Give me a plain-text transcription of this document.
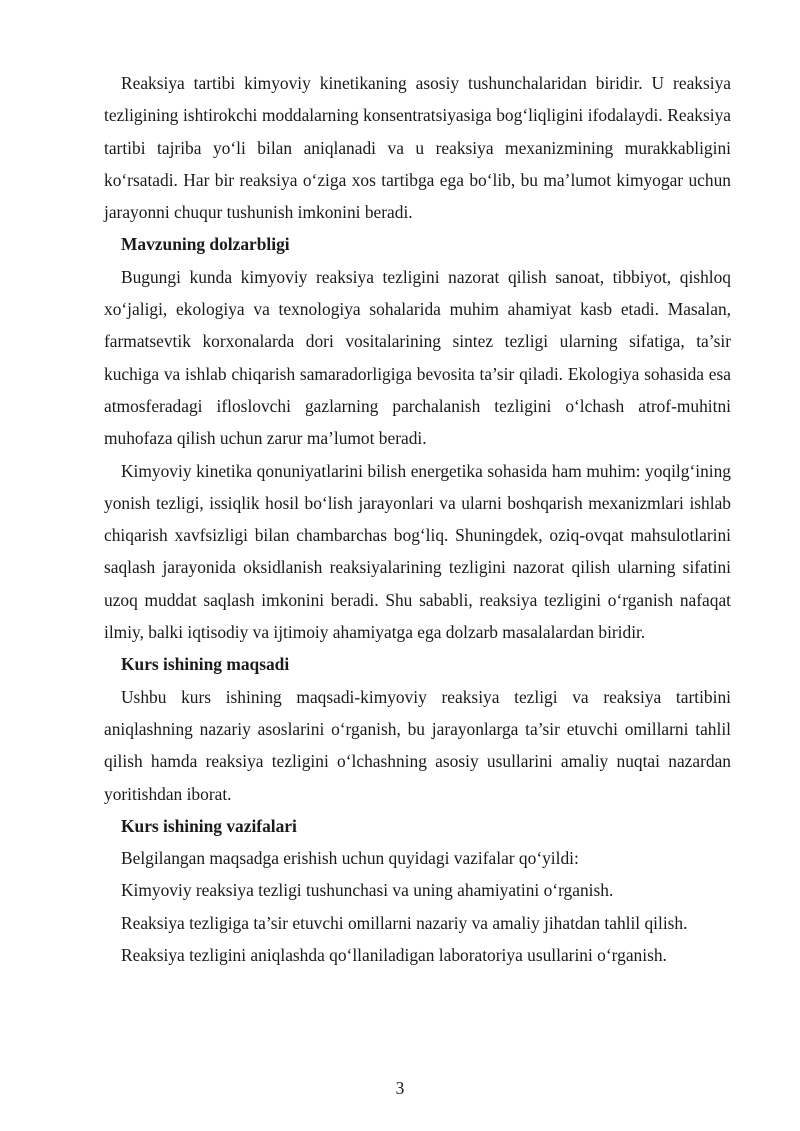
Reaksiya tartibi kimyoviy kinetikaning asosiy tushunchalaridan biridir. U reaksiya tezligining ishtirokchi moddalarning konsentratsiyasiga bog‘liqligini ifodalaydi. Reaksiya tartibi tajriba yo‘li bilan aniqlanadi va u reaksiya mexanizmining murakkabligini ko‘rsatadi. Har bir reaksiya o‘ziga xos tartibga ega bo‘lib, bu ma’lumot kimyogar uchun jarayonni chuqur tushunish imkonini beradi.

Mavzuning dolzarbligi

Bugungi kunda kimyoviy reaksiya tezligini nazorat qilish sanoat, tibbiyot, qishloq xo‘jaligi, ekologiya va texnologiya sohalarida muhim ahamiyat kasb etadi. Masalan, farmatsevtik korxonalarda dori vositalarining sintez tezligi ularning sifatiga, ta’sir kuchiga va ishlab chiqarish samaradorligiga bevosita ta’sir qiladi. Ekologiya sohasida esa atmosferadagi ifloslovchi gazlarning parchalanish tezligini o‘lchash atrof-muhitni muhofaza qilish uchun zarur ma’lumot beradi.

Kimyoviy kinetika qonuniyatlarini bilish energetika sohasida ham muhim: yoqilg‘ining yonish tezligi, issiqlik hosil bo‘lish jarayonlari va ularni boshqarish mexanizmlari ishlab chiqarish xavfsizligi bilan chambarchas bog‘liq. Shuningdek, oziq-ovqat mahsulotlarini saqlash jarayonida oksidlanish reaksiyalarining tezligini nazorat qilish ularning sifatini uzoq muddat saqlash imkonini beradi. Shu sababli, reaksiya tezligini o‘rganish nafaqat ilmiy, balki iqtisodiy va ijtimoiy ahamiyatga ega dolzarb masalalardan biridir.

Kurs ishining maqsadi

Ushbu kurs ishining maqsadi-kimyoviy reaksiya tezligi va reaksiya tartibini aniqlashning nazariy asoslarini o‘rganish, bu jarayonlarga ta’sir etuvchi omillarni tahlil qilish hamda reaksiya tezligini o‘lchashning asosiy usullarini amaliy nuqtai nazardan yoritishdan iborat.

Kurs ishining vazifalari

Belgilangan maqsadga erishish uchun quyidagi vazifalar qo‘yildi:

Kimyoviy reaksiya tezligi tushunchasi va uning ahamiyatini o‘rganish.

Reaksiya tezligiga ta’sir etuvchi omillarni nazariy va amaliy jihatdan tahlil qilish.

Reaksiya tezligini aniqlashda qo‘llaniladigan laboratoriya usullarini o‘rganish.

3
